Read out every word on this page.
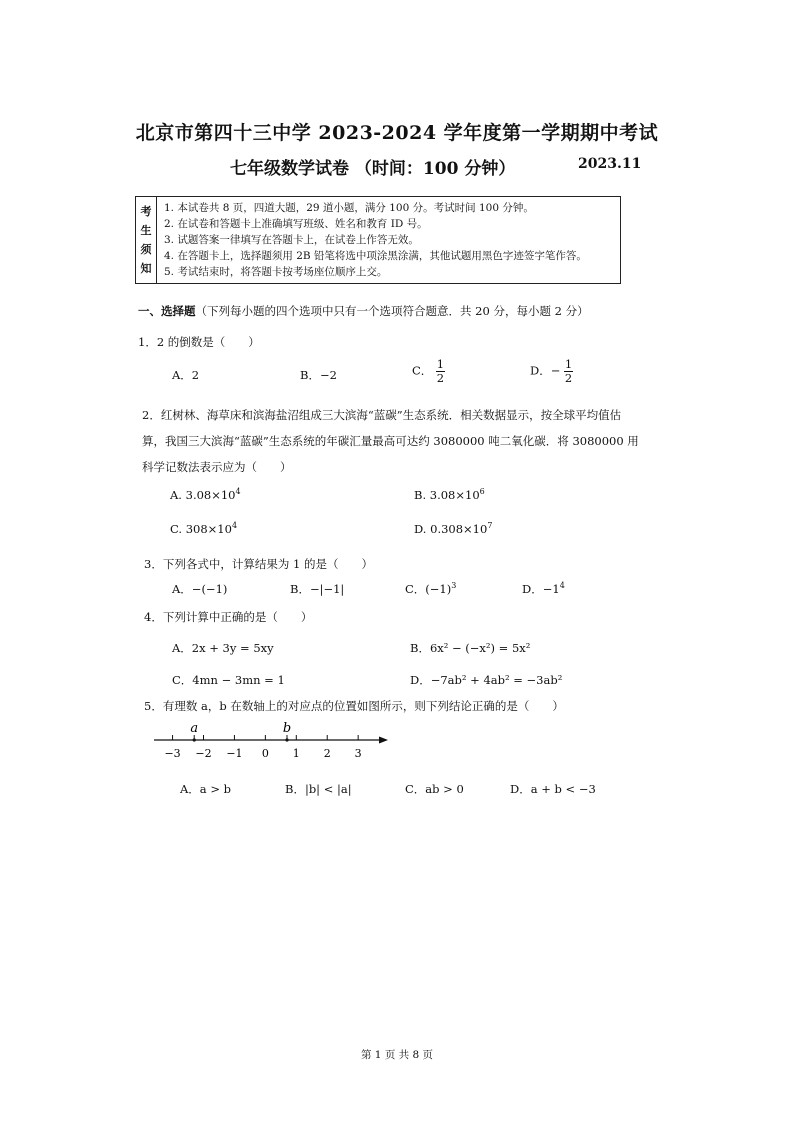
北京市第四十三中学 2023-2024 学年度第一学期期中考试
七年级数学试卷 （时间：100 分钟）	2023.11
考
生
须
知
1. 本试卷共 8 页，四道大题，29 道小题，满分 100 分。考试时间 100 分钟。
2. 在试卷和答题卡上准确填写班级、姓名和教育 ID 号。
3. 试题答案一律填写在答题卡上，在试卷上作答无效。
4. 在答题卡上，选择题须用 2B 铅笔将选中项涂黑涂满，其他试题用黑色字迹签字笔作答。
5. 考试结束时，将答题卡按考场座位顺序上交。
一、选择题（下列每小题的四个选项中只有一个选项符合题意．共 20 分，每小题 2 分）
1．2 的倒数是（　　）
A．2	B．−2	C． $\frac{1}{2}$	D．− $\frac{1}{2}$
2．红树林、海草床和滨海盐沼组成三大滨海“蓝碳”生态系统．相关数据显示，按全球平均值估
算，我国三大滨海“蓝碳”生态系统的年碳汇量最高可达约 3080000 吨二氧化碳．将 3080000 用
科学记数法表示应为（　　）
A. $3.08\times 10^4$	B. $3.08\times 10^6$
C. $308\times 10^4$	D. $0.308\times 10^7$
3．下列各式中，计算结果为 1 的是（　　）
A．−(−1)	B．−|−1|	C．$(-1)^3$	D．$-1^4$
4．下列计算中正确的是（　　）
A．2x + 3y = 5xy	B．6x² − (−x²) = 5x²
C．4mn − 3mn = 1	D．−7ab² + 4ab² = −3ab²
5．有理数 a，b 在数轴上的对应点的位置如图所示，则下列结论正确的是（　　）
−3 −2 −1 0 1 2 3
a	b
A．a > b	B．|b| < |a|	C．ab > 0	D．a + b < −3
第 1 页 共 8 页
